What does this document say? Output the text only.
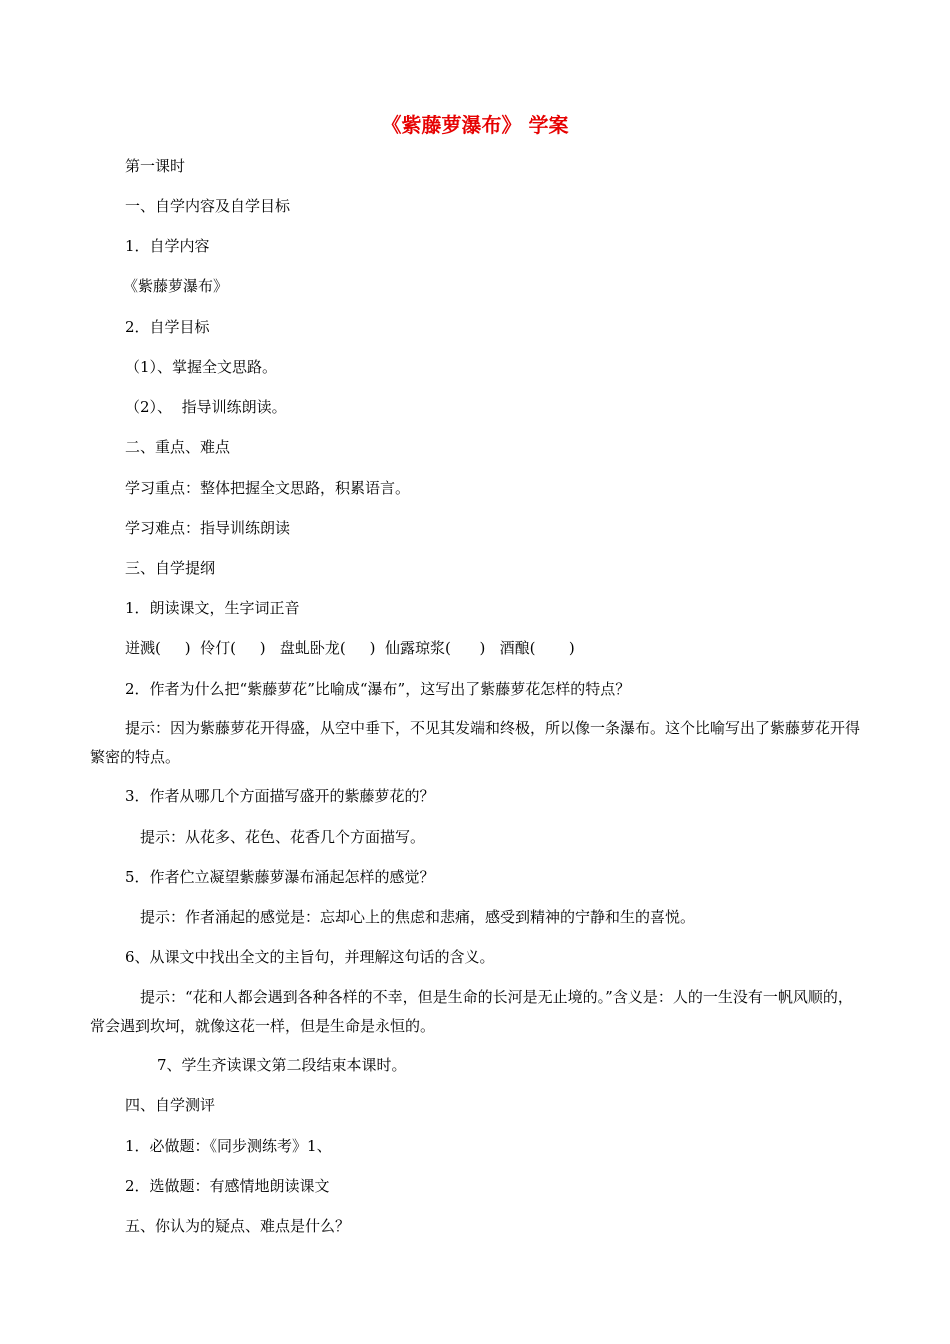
《紫藤萝瀑布》 学案
第一课时
一、自学内容及自学目标
1．自学内容
《紫藤萝瀑布》
2．自学目标
（1）、掌握全文思路。
（2）、  指导训练朗读。
二、重点、难点
学习重点：整体把握全文思路，积累语言。
学习难点：指导训练朗读
三、自学提纲
1．朗读课文，生字词正音
迸溅(     )  伶仃(     )   盘虬卧龙(     )  仙露琼浆(      )   酒酿(       )
2．作者为什么把“紫藤萝花”比喻成“瀑布”，这写出了紫藤萝花怎样的特点？
提示：因为紫藤萝花开得盛，从空中垂下，不见其发端和终极，所以像一条瀑布。这个比喻写出了紫藤萝花开得繁密的特点。
3．作者从哪几个方面描写盛开的紫藤萝花的？
提示：从花多、花色、花香几个方面描写。
5．作者伫立凝望紫藤萝瀑布涌起怎样的感觉？
提示：作者涌起的感觉是：忘却心上的焦虑和悲痛，感受到精神的宁静和生的喜悦。
6、从课文中找出全文的主旨句，并理解这句话的含义。
提示：“花和人都会遇到各种各样的不幸，但是生命的长河是无止境的。”含义是：人的一生没有一帆风顺的，常会遇到坎坷，就像这花一样，但是生命是永恒的。
7、学生齐读课文第二段结束本课时。
四、自学测评
1．必做题：《同步测练考》1、
2．选做题：有感情地朗读课文
五、你认为的疑点、难点是什么？
